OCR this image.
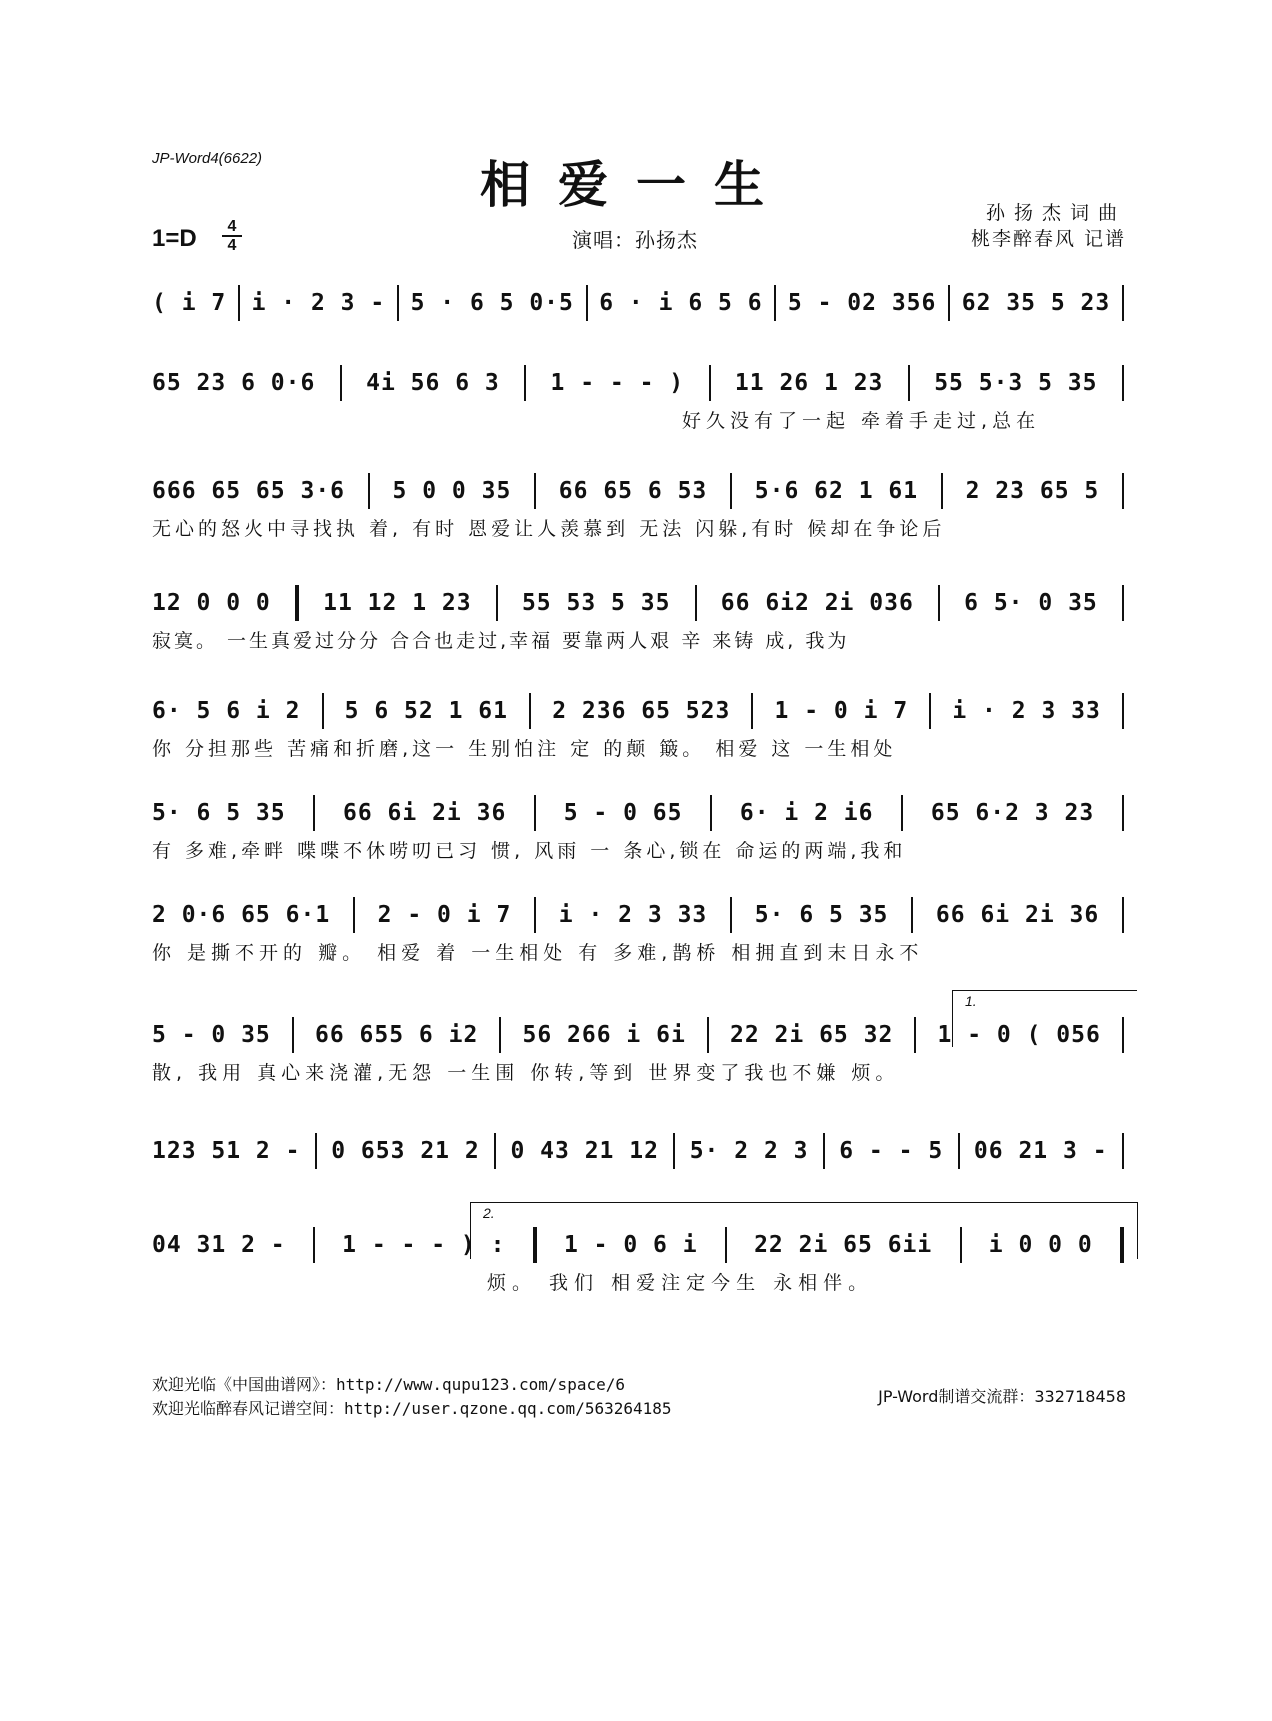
JP-Word4(6622)	相爱一生	孙扬杰词曲
桃李醉春风 记谱
1=D	4
4	演唱：孙扬杰
( i 7 i · 2 3 - 5 · 6 5 0·5 6 · i 6 5 6 5 - 02 356 62 35 5 23
65 23 6 0·6 4i 56 6 3 1 - - - ) 11 26 1 23 55 5·3 5 35
好久没有了一起 牵着手走过,总在
666 65 65 3·6 5 0 0 35 66 65 6 53 5·6 62 1 61 2 23 65 5
无心的怒火中寻找执 着, 有时 恩爱让人羡慕到 无法 闪躲,有时 候却在争论后
12 0 0 0 11 12 1 23 55 53 5 35 66 6i2 2i 036 6 5· 0 35
寂寞。 一生真爱过分分 合合也走过,幸福 要靠两人艰 辛 来铸 成, 我为
6· 5 6 i 2 5 6 52 1 61 2 236 65 523 1 - 0 i 7 i · 2 3 33
你 分担那些 苦痛和折磨,这一 生别怕注 定 的颠 簸。 相爱 这 一生相处
5· 6 5 35 66 6i 2i 36 5 - 0 65 6· i 2 i6 65 6·2 3 23
有 多难,牵畔 喋喋不休唠叨已习 惯, 风雨 一 条心,锁在 命运的两端,我和
2 0·6 65 6·1 2 - 0 i 7 i · 2 3 33 5· 6 5 35 66 6i 2i 36
你 是撕不开的 瓣。 相爱 着 一生相处 有 多难,鹊桥 相拥直到末日永不
1.
5 - 0 35 66 655 6 i2 56 266 i 6i 22 2i 65 32 1 - 0 ( 056
散, 我用 真心来浇灌,无怨 一生围 你转,等到 世界变了我也不嫌 烦。
123 51 2 - 0 653 21 2 0 43 21 12 5· 2 2 3 6 - - 5 06 21 3 -
2.
04 31 2 - 1 - - - ) :	1 - 0 6 i 22 2i 65 6ii i 0 0 0
烦。 我们 相爱注定今生 永相伴。
欢迎光临《中国曲谱网》：http://www.qupu123.com/space/6
欢迎光临醉春风记谱空间：http://user.qzone.qq.com/563264185
JP-Word制谱交流群：332718458
